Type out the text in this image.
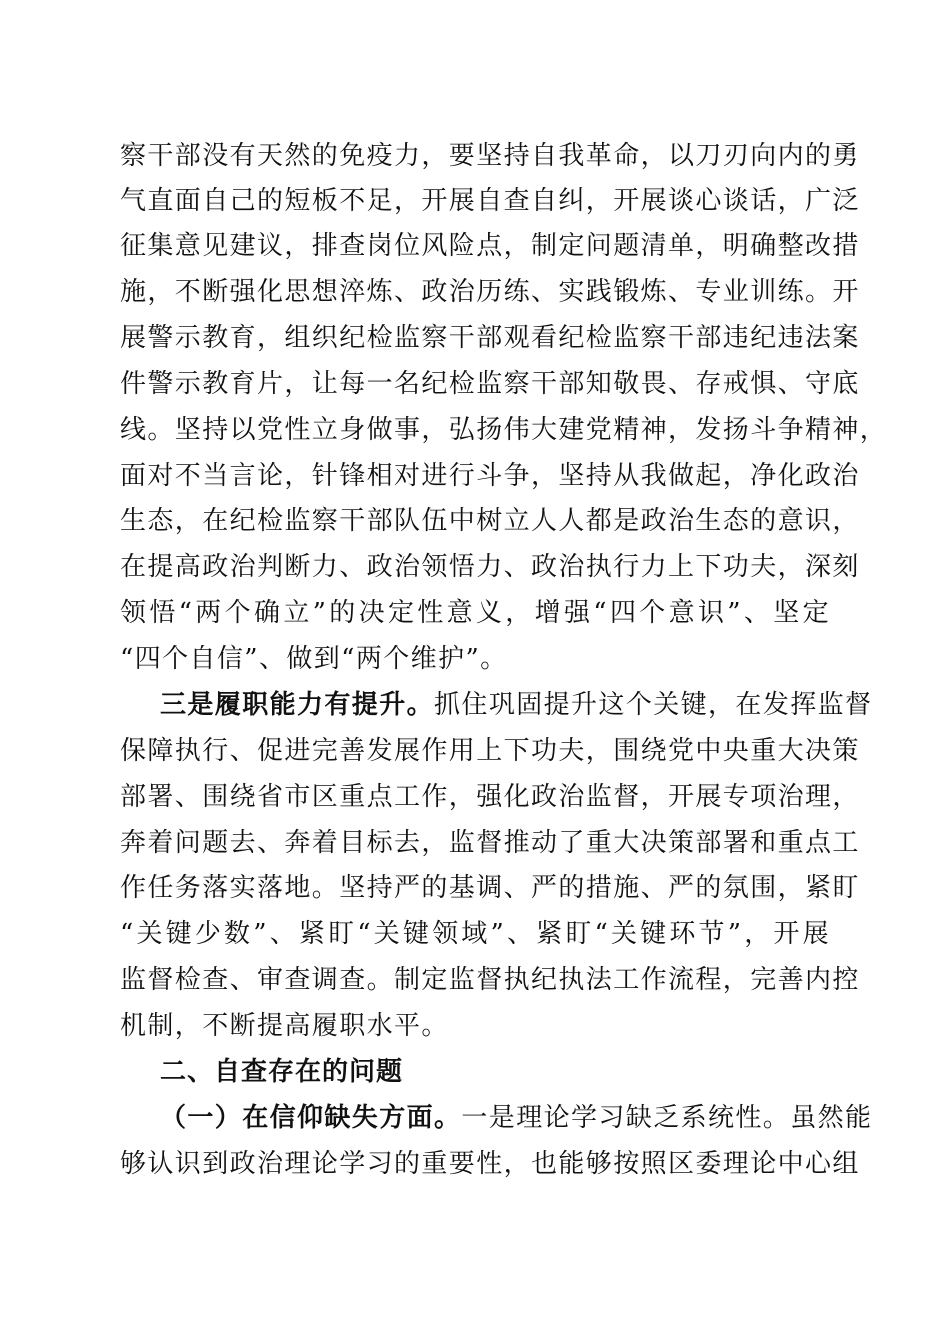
察干部没有天然的免疫力，要坚持自我革命，以刀刃向内的勇
气直面自己的短板不足，开展自查自纠，开展谈心谈话，广泛
征集意见建议，排查岗位风险点，制定问题清单，明确整改措
施，不断强化思想淬炼、政治历练、实践锻炼、专业训练。开
展警示教育，组织纪检监察干部观看纪检监察干部违纪违法案
件警示教育片，让每一名纪检监察干部知敬畏、存戒惧、守底
线。坚持以党性立身做事，弘扬伟大建党精神，发扬斗争精神，
面对不当言论，针锋相对进行斗争，坚持从我做起，净化政治
生态，在纪检监察干部队伍中树立人人都是政治生态的意识，
在提高政治判断力、政治领悟力、政治执行力上下功夫，深刻
领悟“两个确立”的决定性意义，增强“四个意识”、坚定
“四个自信”、做到“两个维护”。
三是履职能力有提升。抓住巩固提升这个关键，在发挥监督
保障执行、促进完善发展作用上下功夫，围绕党中央重大决策
部署、围绕省市区重点工作，强化政治监督，开展专项治理，
奔着问题去、奔着目标去，监督推动了重大决策部署和重点工
作任务落实落地。坚持严的基调、严的措施、严的氛围，紧盯
“关键少数”、紧盯“关键领域”、紧盯“关键环节”，开展
监督检查、审查调查。制定监督执纪执法工作流程，完善内控
机制，不断提高履职水平。
二、自查存在的问题
（一）在信仰缺失方面。一是理论学习缺乏系统性。虽然能
够认识到政治理论学习的重要性，也能够按照区委理论中心组
